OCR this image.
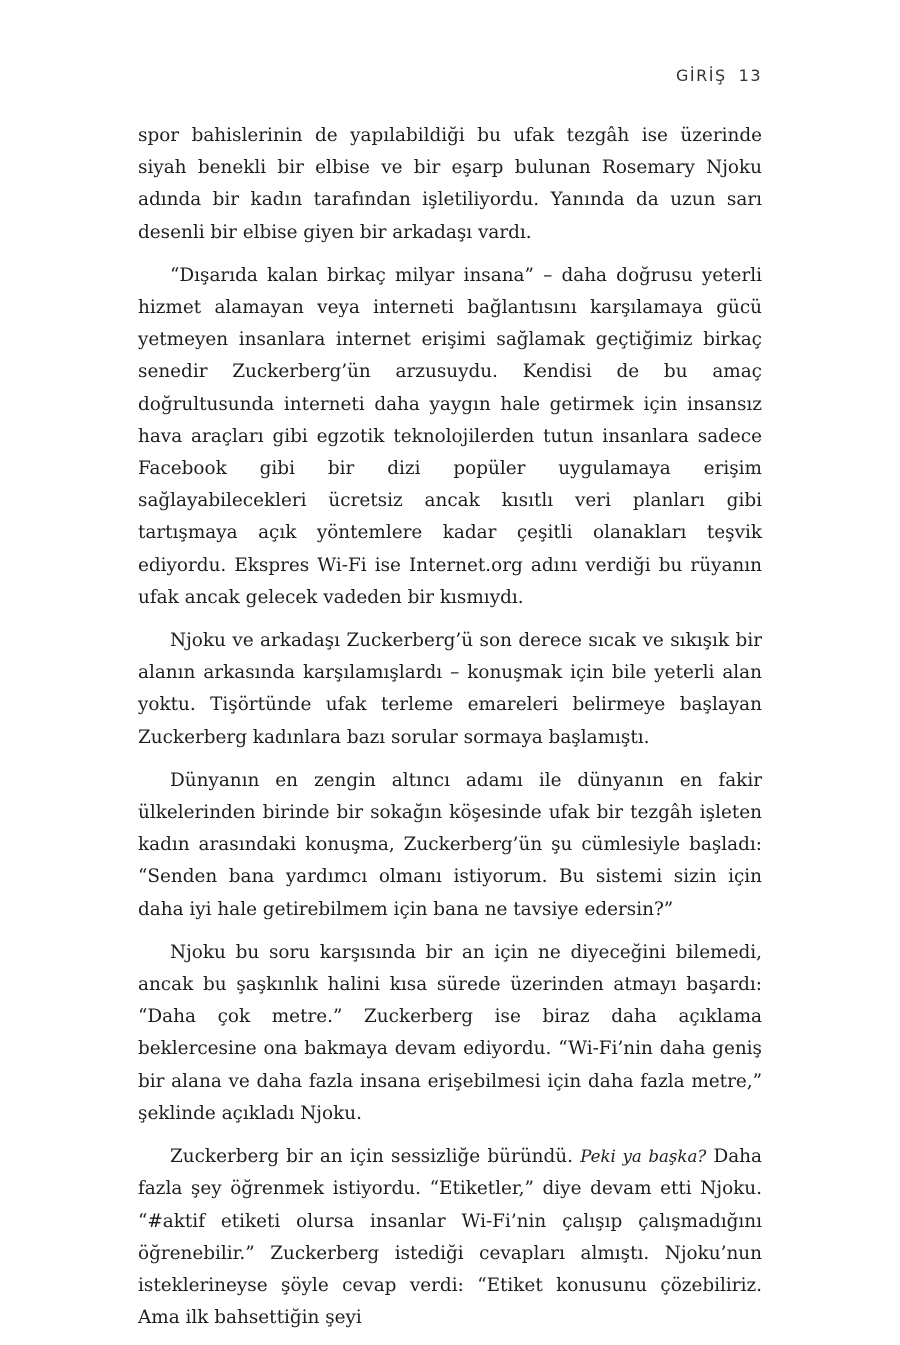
GİRİŞ 13

spor bahislerinin de yapılabildiği bu ufak tezgâh ise üzerinde siyah benekli bir elbise ve bir eşarp bulunan Rosemary Njoku adında bir kadın tarafından işletiliyordu. Yanında da uzun sarı desenli bir elbise giyen bir arkadaşı vardı.

“Dışarıda kalan birkaç milyar insana” – daha doğrusu yeterli hizmet alamayan veya interneti bağlantısını karşılamaya gücü yetmeyen insanlara internet erişimi sağlamak geçtiğimiz birkaç senedir Zuckerberg’ün arzusuydu. Kendisi de bu amaç doğrultusunda interneti daha yaygın hale getirmek için insansız hava araçları gibi egzotik teknolojilerden tutun insanlara sadece Facebook gibi bir dizi popüler uygulamaya erişim sağlayabilecekleri ücretsiz ancak kısıtlı veri planları gibi tartışmaya açık yöntemlere kadar çeşitli olanakları teşvik ediyordu. Ekspres Wi-Fi ise Internet.org adını verdiği bu rüyanın ufak ancak gelecek vadeden bir kısmıydı.

Njoku ve arkadaşı Zuckerberg’ü son derece sıcak ve sıkışık bir alanın arkasında karşılamışlardı – konuşmak için bile yeterli alan yoktu. Tişörtünde ufak terleme emareleri belirmeye başlayan Zuckerberg kadınlara bazı sorular sormaya başlamıştı.

Dünyanın en zengin altıncı adamı ile dünyanın en fakir ülkelerinden birinde bir sokağın köşesinde ufak bir tezgâh işleten kadın arasındaki konuşma, Zuckerberg’ün şu cümlesiyle başladı: “Senden bana yardımcı olmanı istiyorum. Bu sistemi sizin için daha iyi hale getirebilmem için bana ne tavsiye edersin?”

Njoku bu soru karşısında bir an için ne diyeceğini bilemedi, ancak bu şaşkınlık halini kısa sürede üzerinden atmayı başardı: “Daha çok metre.” Zuckerberg ise biraz daha açıklama beklercesine ona bakmaya devam ediyordu. “Wi-Fi’nin daha geniş bir alana ve daha fazla insana erişebilmesi için daha fazla metre,” şeklinde açıkladı Njoku.

Zuckerberg bir an için sessizliğe büründü. Peki ya başka? Daha fazla şey öğrenmek istiyordu. “Etiketler,” diye devam etti Njoku. “#aktif etiketi olursa insanlar Wi-Fi’nin çalışıp çalışmadığını öğrenebilir.” Zuckerberg istediği cevapları almıştı. Njoku’nun isteklerineyse şöyle cevap verdi: “Etiket konusunu çözebiliriz. Ama ilk bahsettiğin şeyi
